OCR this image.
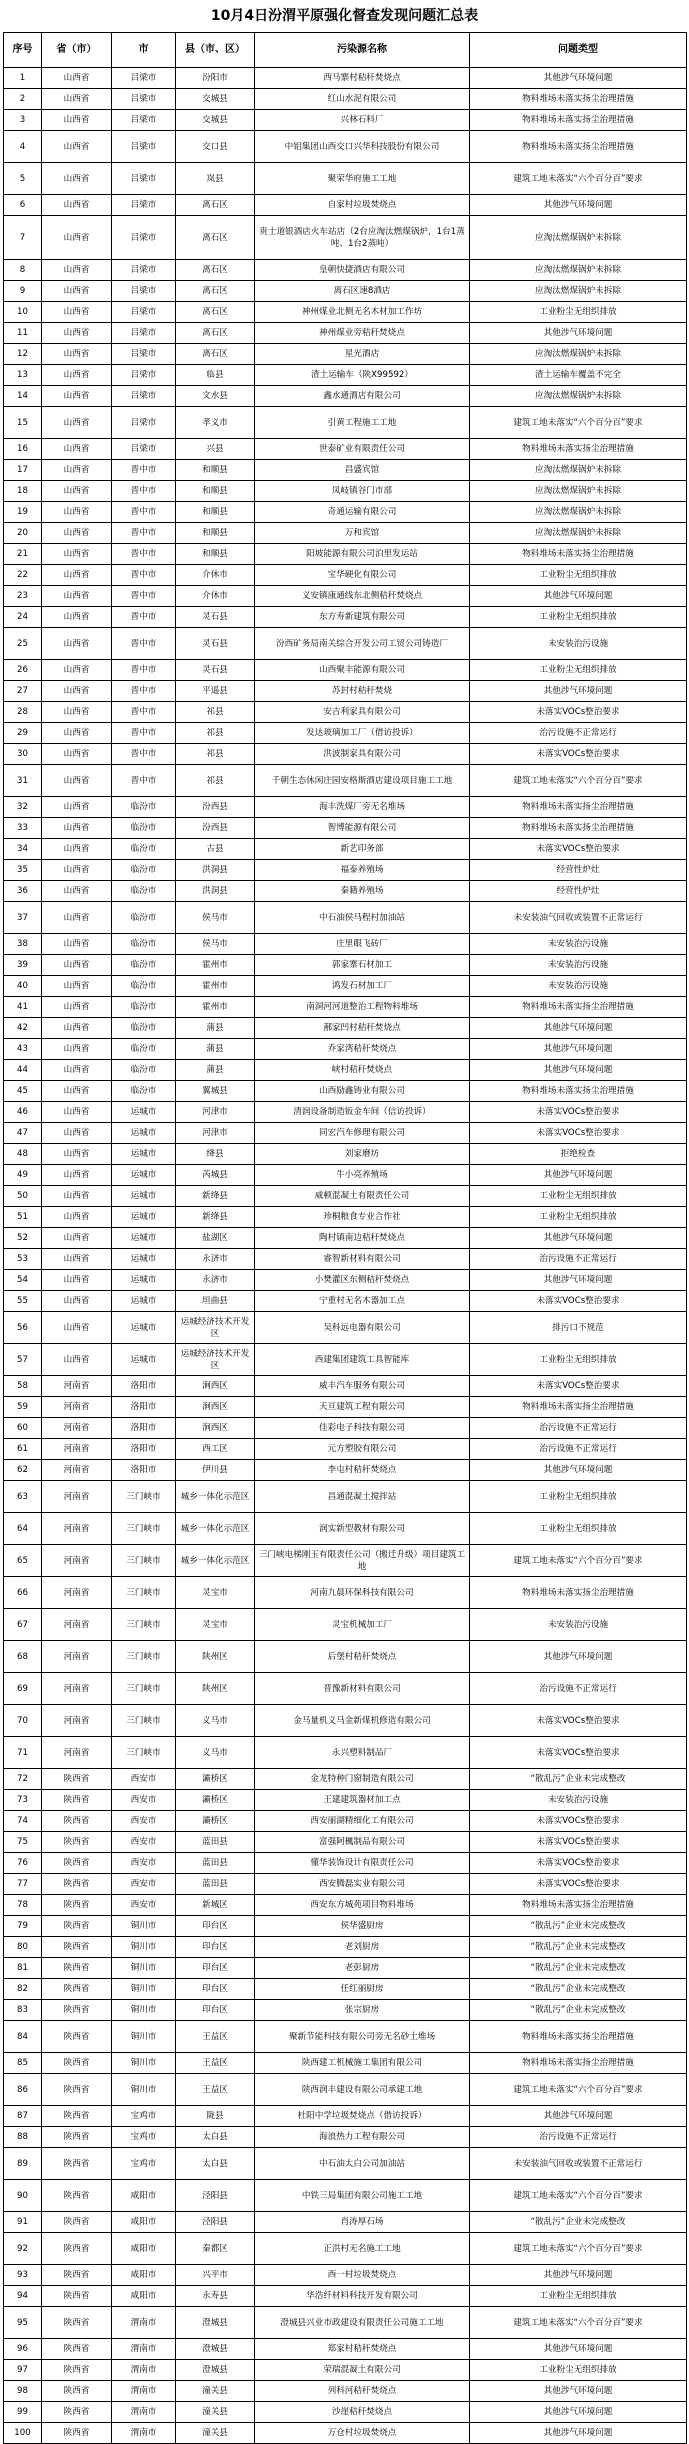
10月4日汾渭平原强化督查发现问题汇总表
序号	省（市）	市	县（市、区）	污染源名称	问题类型
1	山西省	吕梁市	汾阳市	西马寨村秸秆焚烧点	其他涉气环境问题
2	山西省	吕梁市	交城县	红山水泥有限公司	物料堆场未落实扬尘治理措施
3	山西省	吕梁市	交城县	兴林石料厂	物料堆场未落实扬尘治理措施
4	山西省	吕梁市	交口县	中铝集团山西交口兴华科技股份有限公司	物料堆场未落实扬尘治理措施
5	山西省	吕梁市	岚县	聚荣华府施工工地	建筑工地未落实“六个百分百”要求
6	山西省	吕梁市	离石区	自家村垃圾焚烧点	其他涉气环境问题
7	山西省	吕梁市	离石区	贵士道银酒店火车站店（2台应淘汰燃煤锅炉，1台1蒸吨、1台2蒸吨）	应淘汰燃煤锅炉未拆除
8	山西省	吕梁市	离石区	皇朝快捷酒店有限公司	应淘汰燃煤锅炉未拆除
9	山西省	吕梁市	离石区	离石区速8酒店	应淘汰燃煤锅炉未拆除
10	山西省	吕梁市	离石区	神州煤业北侧无名木材加工作坊	工业粉尘无组织排放
11	山西省	吕梁市	离石区	神州煤业旁秸秆焚烧点	其他涉气环境问题
12	山西省	吕梁市	离石区	星光酒店	应淘汰燃煤锅炉未拆除
13	山西省	吕梁市	临县	渣土运输车（陕X99592）	渣土运输车覆盖不完全
14	山西省	吕梁市	文水县	鑫水通酒店有限公司	应淘汰燃煤锅炉未拆除
15	山西省	吕梁市	孝义市	引黄工程施工工地	建筑工地未落实“六个百分百”要求
16	山西省	吕梁市	兴县	世泰矿业有限责任公司	物料堆场未落实扬尘治理措施
17	山西省	晋中市	和顺县	昌盛宾馆	应淘汰燃煤锅炉未拆除
18	山西省	晋中市	和顺县	凤岐镇谷门市部	应淘汰燃煤锅炉未拆除
19	山西省	晋中市	和顺县	奇通运输有限公司	应淘汰燃煤锅炉未拆除
20	山西省	晋中市	和顺县	万和宾馆	应淘汰燃煤锅炉未拆除
21	山西省	晋中市	和顺县	阳坡能源有限公司泊里发运站	物料堆场未落实扬尘治理措施
22	山西省	晋中市	介休市	宝华硬化有限公司	工业粉尘无组织排放
23	山西省	晋中市	介休市	义安镇康通线东北侧秸秆焚烧点	其他涉气环境问题
24	山西省	晋中市	灵石县	东方寿新建筑有限公司	工业粉尘无组织排放
25	山西省	晋中市	灵石县	汾西矿务局南关综合开发公司工贸公司铸造厂	未安装治污设施
26	山西省	晋中市	灵石县	山西聚丰能源有限公司	工业粉尘无组织排放
27	山西省	晋中市	平遥县	苏封村秸秆焚烧	其他涉气环境问题
28	山西省	晋中市	祁县	安吉利家具有限公司	未落实VOCs整治要求
29	山西省	晋中市	祁县	发达玻璃加工厂（借访投诉）	治污设施不正常运行
30	山西省	晋中市	祁县	洪波制家具有限公司	未落实VOCs整治要求
31	山西省	晋中市	祁县	千朝生态休闲庄园安格斯酒店建设项目施工工地	建筑工地未落实“六个百分百”要求
32	山西省	临汾市	汾西县	海丰洗煤厂旁无名堆场	物料堆场未落实扬尘治理措施
33	山西省	临汾市	汾西县	智博能源有限公司	物料堆场未落实扬尘治理措施
34	山西省	临汾市	古县	新艺印务部	未落实VOCs整治要求
35	山西省	临汾市	洪洞县	福泰养殖场	经营性炉灶
36	山西省	临汾市	洪洞县	秦籍养殖场	经营性炉灶
37	山西省	临汾市	侯马市	中石油侯马程村加油站	未安装油气回收或装置不正常运行
38	山西省	临汾市	侯马市	庄里眼飞砖厂	未安装治污设施
39	山西省	临汾市	霍州市	郭家寨石材加工	未安装治污设施
40	山西省	临汾市	霍州市	鸿发石材加工厂	未安装治污设施
41	山西省	临汾市	霍州市	南洞河河道整治工程物料堆场	物料堆场未落实扬尘治理措施
42	山西省	临汾市	蒲县	鄯家凹村秸秆焚烧点	其他涉气环境问题
43	山西省	临汾市	蒲县	乔家湾秸秆焚烧点	其他涉气环境问题
44	山西省	临汾市	蒲县	峡村秸秆焚烧点	其他涉气环境问题
45	山西省	临汾市	翼城县	山西励鑫铸业有限公司	物料堆场未落实扬尘治理措施
46	山西省	运城市	河津市	清润设备制造钣金车间（信访投诉）	未落实VOCs整治要求
47	山西省	运城市	河津市	同宏汽车修理有限公司	未落实VOCs整治要求
48	山西省	运城市	绛县	刘家磨坊	拒绝检查
49	山西省	运城市	芮城县	牛小亮养殖场	其他涉气环境问题
50	山西省	运城市	新绛县	威顿混凝土有限责任公司	工业粉尘无组织排放
51	山西省	运城市	新绛县	珍桐粮食专业合作社	工业粉尘无组织排放
52	山西省	运城市	盐湖区	陶村镇南边秸秆焚烧点	其他涉气环境问题
53	山西省	运城市	永济市	睿智新材料有限公司	治污设施不正常运行
54	山西省	运城市	永济市	小樊灌区东侧秸秆焚烧点	其他涉气环境问题
55	山西省	运城市	垣曲县	宁重村无名木器加工点	未落实VOCs整治要求
56	山西省	运城市	运城经济技术开发区	吴科远电器有限公司	排污口不规范
57	山西省	运城市	运城经济技术开发区	西建集团建筑工具智能库	工业粉尘无组织排放
58	河南省	洛阳市	涧西区	威丰汽车服务有限公司	未落实VOCs整治要求
59	河南省	洛阳市	涧西区	天亘建筑工程有限公司	物料堆场未落实扬尘治理措施
60	河南省	洛阳市	涧西区	佳彩电子科技有限公司	治污设施不正常运行
61	河南省	洛阳市	西工区	元方塑胶有限公司	治污设施不正常运行
62	河南省	洛阳市	伊川县	李屯村秸秆焚烧点	其他涉气环境问题
63	河南省	三门峡市	城乡一体化示范区	昌通混凝土搅拌站	工业粉尘无组织排放
64	河南省	三门峡市	城乡一体化示范区	润实新型教材有限公司	工业粉尘无组织排放
65	河南省	三门峡市	城乡一体化示范区	三门峡电梯刚玉有限责任公司（搬迁升级）项目建筑工地	建筑工地未落实“六个百分百”要求
66	河南省	三门峡市	灵宝市	河南九晨环保科技有限公司	物料堆场未落实扬尘治理措施
67	河南省	三门峡市	灵宝市	灵宝机械加工厂	未安装治污设施
68	河南省	三门峡市	陕州区	后堡村秸秆焚烧点	其他涉气环境问题
69	河南省	三门峡市	陕州区	晋豫新材料有限公司	治污设施不正常运行
70	河南省	三门峡市	义马市	金马量机义马金新煤机修造有限公司	未落实VOCs整治要求
71	河南省	三门峡市	义马市	永兴塑料制品厂	未落实VOCs整治要求
72	陕西省	西安市	灞桥区	金龙特种门窗制造有限公司	“散乱污”企业未完成整改
73	陕西省	西安市	灞桥区	王建建筑器材加工点	未安装治污设施
74	陕西省	西安市	灞桥区	西安丽湖精细化工有限公司	未落实VOCs整治要求
75	陕西省	西安市	蓝田县	富强阿楓制品有限公司	未落实VOCs整治要求
76	陕西省	西安市	蓝田县	懂华装饰设计有限责任公司	未落实VOCs整治要求
77	陕西省	西安市	蓝田县	西安腾磊实业有限公司	未落实VOCs整治要求
78	陕西省	西安市	新城区	西安东方城苑项目物料堆场	物料堆场未落实扬尘治理措施
79	陕西省	铜川市	印台区	侯华盛厨房	“散乱污”企业未完成整改
80	陕西省	铜川市	印台区	老刘厨房	“散乱污”企业未完成整改
81	陕西省	铜川市	印台区	老彭厨房	“散乱污”企业未完成整改
82	陕西省	铜川市	印台区	任红丽厨房	“散乱污”企业未完成整改
83	陕西省	铜川市	印台区	张宗厨房	“散乱污”企业未完成整改
84	陕西省	铜川市	王益区	聚新节能科技有限公司旁无名砂土堆场	物料堆场未落实扬尘治理措施
85	陕西省	铜川市	王益区	陕西建工机械施工集团有限公司	物料堆场未落实扬尘治理措施
86	陕西省	铜川市	王益区	陕西润丰建设有限公司承建工地	建筑工地未落实“六个百分百”要求
87	陕西省	宝鸡市	陇县	杜阳中学垃圾焚烧点（借访投诉）	其他涉气环境问题
88	陕西省	宝鸡市	太白县	海浪热力工程有限公司	治污设施不正常运行
89	陕西省	宝鸡市	太白县	中石油太白公司加油站	未安装油气回收或装置不正常运行
90	陕西省	咸阳市	泾阳县	中铁三局集团有限公司施工工地	建筑工地未落实“六个百分百”要求
91	陕西省	咸阳市	泾阳县	肖涛厚石场	“散乱污”企业未完成整改
92	陕西省	咸阳市	秦都区	正洪村无名施工工地	建筑工地未落实“六个百分百”要求
93	陕西省	咸阳市	兴平市	西一村垃圾焚烧点	其他涉气环境问题
94	陕西省	咸阳市	永寿县	华浩纤材料科技开发有限公司	工业粉尘无组织排放
95	陕西省	渭南市	澄城县	澄城县兴业市政建设有限责任公司施工工地	建筑工地未落实“六个百分百”要求
96	陕西省	渭南市	澄城县	郑家村秸秆焚烧点	其他涉气环境问题
97	陕西省	渭南市	澄城县	荣瑞混凝土有限公司	工业粉尘无组织排放
98	陕西省	渭南市	潼关县	列科河秸秆焚烧点	其他涉气环境问题
99	陕西省	渭南市	潼关县	沙崖秸秆焚烧点	其他涉气环境问题
100	陕西省	渭南市	潼关县	万仓村垃圾焚烧点	其他涉气环境问题
